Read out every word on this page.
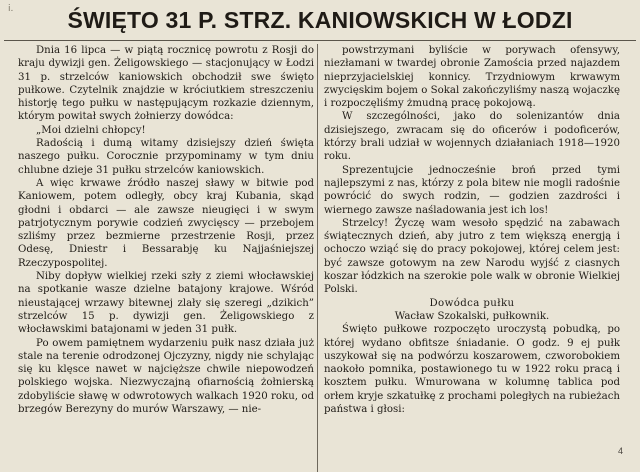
i.	ŚWIĘTO 31 P. STRZ. KANIOWSKICH W ŁODZI

Dnia 16 lipca — w piątą rocznicę powrotu z Rosji do kraju dywizji gen. Żeligowskiego — stacjonujący w Łodzi 31 p. strzelców kaniowskich obchodził swe święto pułkowe. Czytelnik znajdzie w króciutkiem streszczeniu historję tego pułku w następującym rozkazie dziennym, którym powitał swych żołnierzy dowódca:

„Moi dzielni chłopcy!

Radością i dumą witamy dzisiejszy dzień święta naszego pułku. Corocznie przypominamy w tym dniu chlubne dzieje 31 pułku strzelców kaniowskich.

A więc krwawe źródło naszej sławy w bitwie pod Kaniowem, potem odległy, obcy kraj Kubania, skąd głodni i obdarci — ale zawsze nieugięci i w swym patrjotycznym porywie codzień zwycięscy — przebojem szliśmy przez bezmierne przestrzenie Rosji, przez Odesę, Dniestr i Bessarabję ku Najjaśniejszej Rzeczypospolitej.

Niby dopływ wielkiej rzeki szły z ziemi włocławskiej na spotkanie wasze dzielne batajony krajowe. Wśród nieustającej wrzawy bitewnej zlały się szeregi „dzikich” strzelców 15 p. dywizji gen. Żeligowskiego z włocławskimi batajonami w jeden 31 pułk.

Po owem pamiętnem wydarzeniu pułk nasz działa już stale na terenie odrodzonej Ojczyzny, nigdy nie schylając się ku klęsce nawet w najcięższe chwile niepowodzeń polskiego wojska. Niezwyczajną ofiarnością żołnierską zdobyliście sławę w odwrotowych walkach 1920 roku, od brzegów Berezyny do murów Warszawy, — nie-

powstrzymani byliście w porywach ofensywy, niezłamani w twardej obronie Zamościa przed najazdem nieprzyjacielskiej konnicy. Trzydniowym krwawym zwycięskim bojem o Sokal zakończyliśmy naszą wojaczkę i rozpoczęliśmy żmudną pracę pokojową.

W szczególności, jako do solenizantów dnia dzisiejszego, zwracam się do oficerów i podoficerów, którzy brali udział w wojennych działaniach 1918—1920 roku.

Sprezentujcie jednocześnie broń przed tymi najlepszymi z nas, którzy z pola bitew nie mogli radośnie powrócić do swych rodzin, — godzien zazdrości i wiernego zawsze naśladowania jest ich los!

Strzelcy! Życzę wam wesoło spędzić na zabawach świątecznych dzień, aby jutro z tem większą energją i ochoczo wziąć się do pracy pokojowej, której celem jest: być zawsze gotowym na zew Narodu wyjść z ciasnych koszar łódzkich na szerokie pole walk w obronie Wielkiej Polski.

Dowódca pułku

Wacław Szokalski, pułkownik.

Święto pułkowe rozpoczęto uroczystą pobudką, po której wydano obfitsze śniadanie. O godz. 9 ej pułk uszykował się na podwórzu koszarowem, czworobokiem naokoło pomnika, postawionego tu w 1922 roku pracą i kosztem pułku. Wmurowana w kolumnę tablica pod orłem kryje szkatułkę z prochami poległych na rubieżach państwa i głosi:

4
